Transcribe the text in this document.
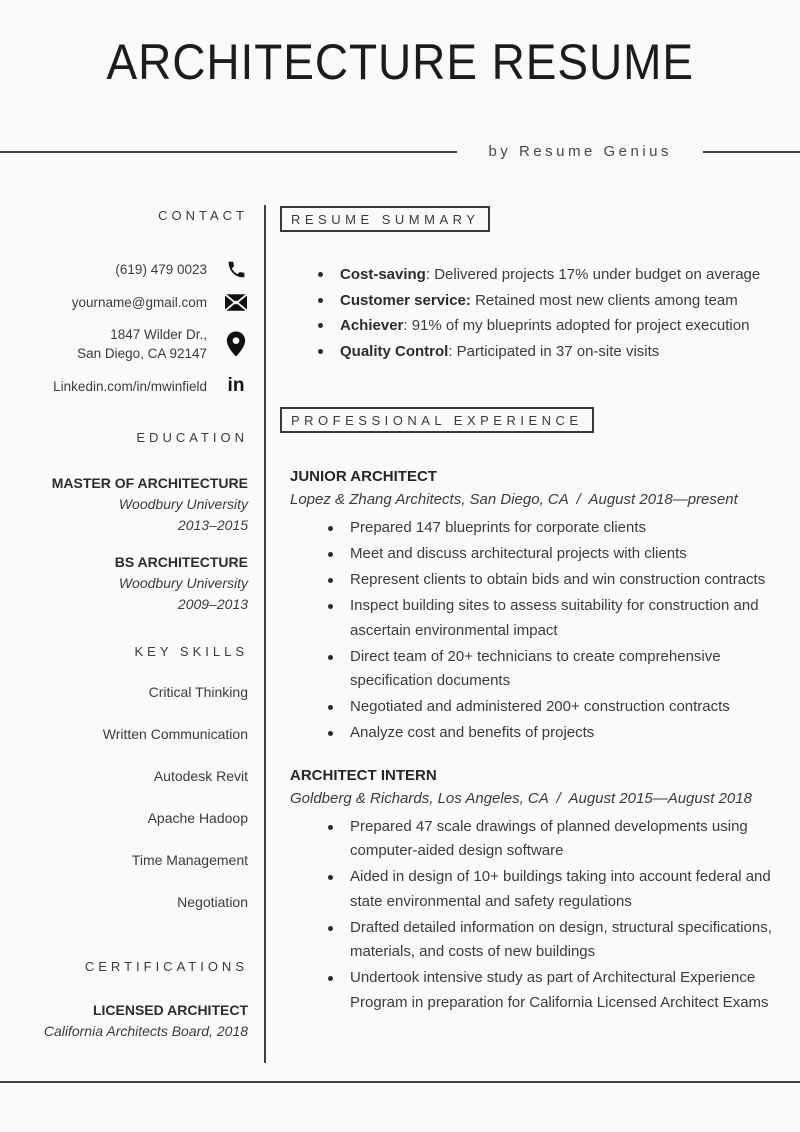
ARCHITECTURE RESUME
by Resume Genius
CONTACT
(619) 479 0023
yourname@gmail.com
1847 Wilder Dr.,
San Diego, CA 92147
Linkedin.com/in/mwinfield in
EDUCATION
MASTER OF ARCHITECTURE
Woodbury University
2013–2015
BS ARCHITECTURE
Woodbury University
2009–2013
KEY SKILLS
Critical Thinking
Written Communication
Autodesk Revit
Apache Hadoop
Time Management
Negotiation
CERTIFICATIONS
LICENSED ARCHITECT
California Architects Board, 2018
RESUME SUMMARY
Cost-saving: Delivered projects 17% under budget on average
Customer service: Retained most new clients among team
Achiever: 91% of my blueprints adopted for project execution
Quality Control: Participated in 37 on-site visits
PROFESSIONAL EXPERIENCE
JUNIOR ARCHITECT
Lopez & Zhang Architects, San Diego, CA  /  August 2018—present
Prepared 147 blueprints for corporate clients
Meet and discuss architectural projects with clients
Represent clients to obtain bids and win construction contracts
Inspect building sites to assess suitability for construction and ascertain environmental impact
Direct team of 20+ technicians to create comprehensive specification documents
Negotiated and administered 200+ construction contracts
Analyze cost and benefits of projects
ARCHITECT INTERN
Goldberg & Richards, Los Angeles, CA  /  August 2015—August 2018
Prepared 47 scale drawings of planned developments using computer-aided design software
Aided in design of 10+ buildings taking into account federal and state environmental and safety regulations
Drafted detailed information on design, structural specifications, materials, and costs of new buildings
Undertook intensive study as part of Architectural Experience Program in preparation for California Licensed Architect Exams
